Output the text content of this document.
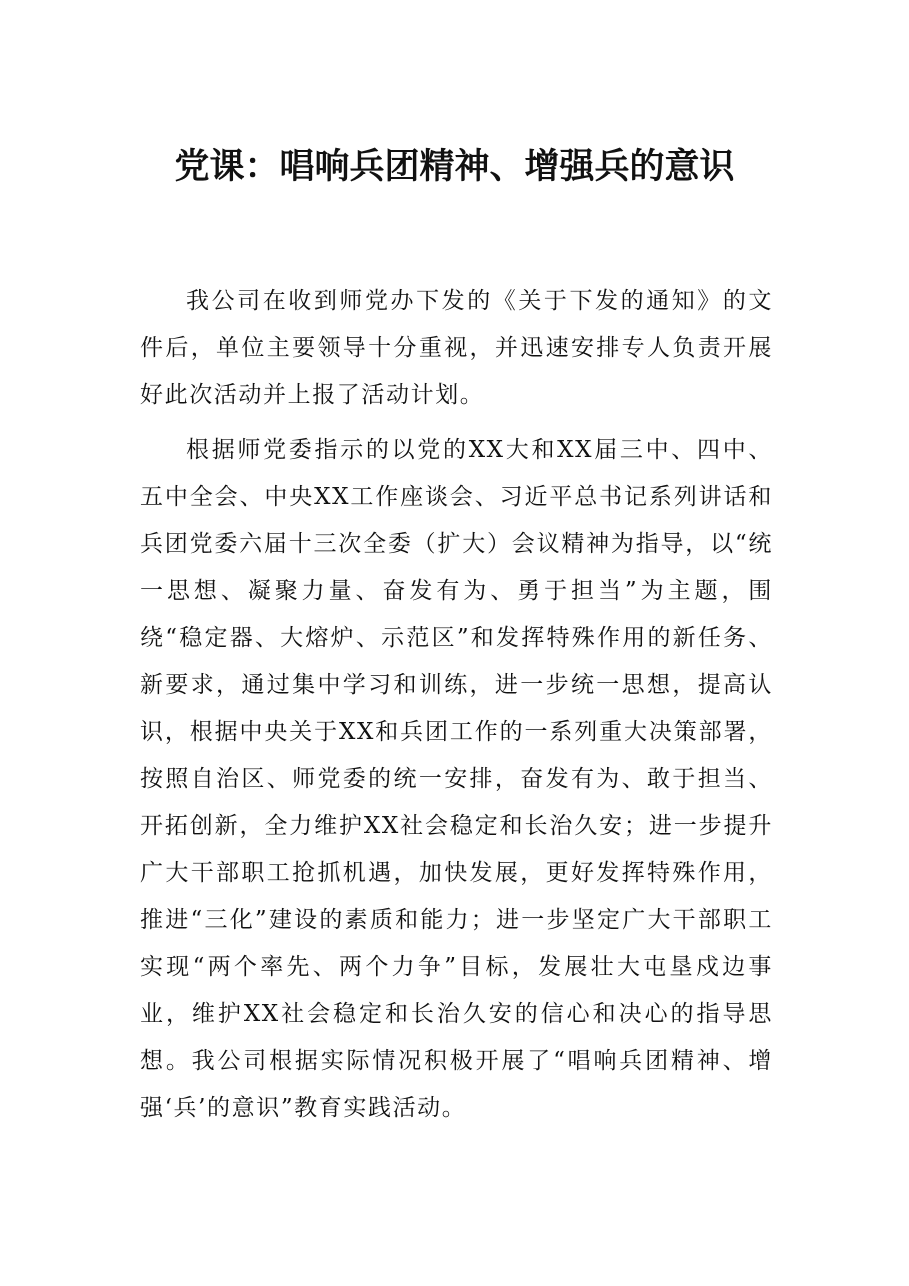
党课：唱响兵团精神、增强兵的意识

我公司在收到师党办下发的《关于下发的通知》的文件后，单位主要领导十分重视，并迅速安排专人负责开展好此次活动并上报了活动计划。

根据师党委指示的以党的XX大和XX届三中、四中、五中全会、中央XX工作座谈会、习近平总书记系列讲话和兵团党委六届十三次全委（扩大）会议精神为指导，以“统一思想、凝聚力量、奋发有为、勇于担当”为主题，围绕“稳定器、大熔炉、示范区”和发挥特殊作用的新任务、新要求，通过集中学习和训练，进一步统一思想，提高认识，根据中央关于XX和兵团工作的一系列重大决策部署，按照自治区、师党委的统一安排，奋发有为、敢于担当、开拓创新，全力维护XX社会稳定和长治久安；进一步提升广大干部职工抢抓机遇，加快发展，更好发挥特殊作用，推进“三化”建设的素质和能力；进一步坚定广大干部职工实现“两个率先、两个力争”目标，发展壮大屯垦戍边事业，维护XX社会稳定和长治久安的信心和决心的指导思想。我公司根据实际情况积极开展了“唱响兵团精神、增强‘兵’的意识”教育实践活动。
